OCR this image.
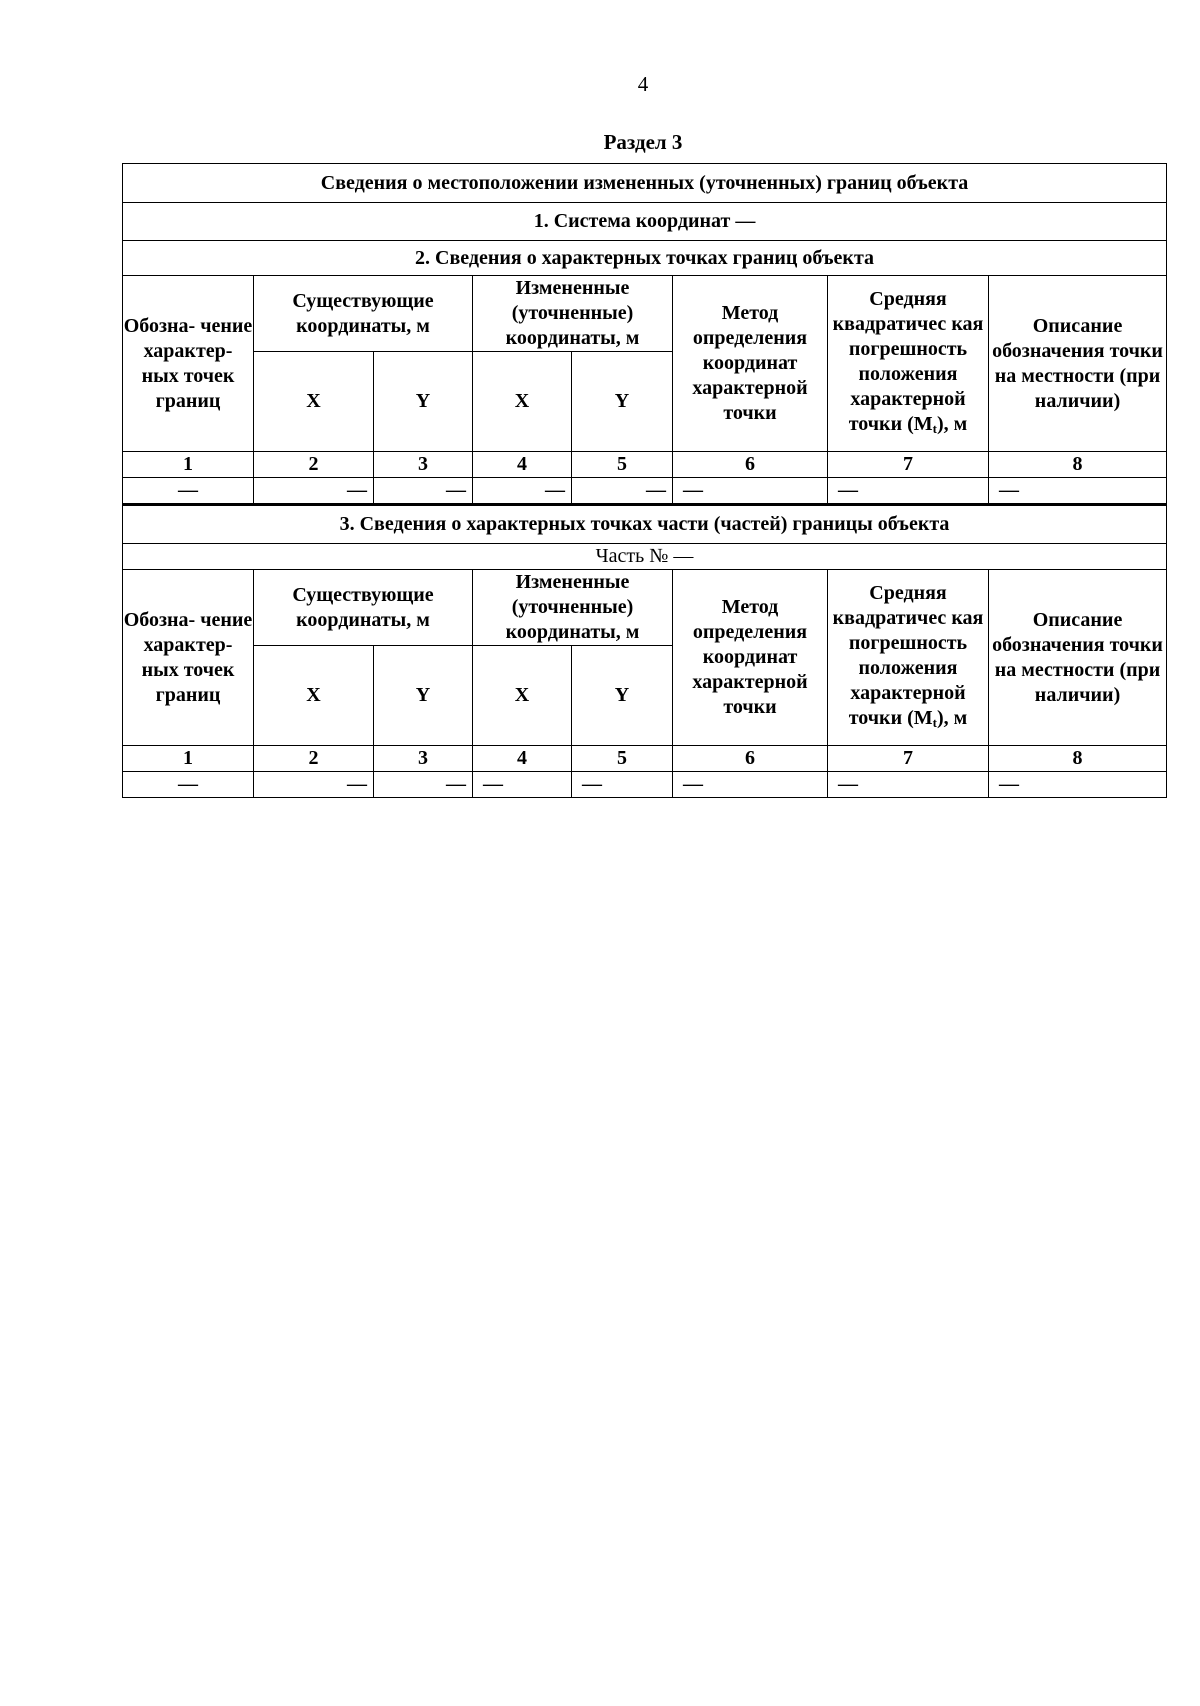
4
Раздел 3
Сведения о местоположении измененных (уточненных) границ объекта							
1. Система координат —							
2. Сведения о характерных точках границ объекта							
Обозна- чение характер- ных точек границ	Существующие координаты, м		Измененные (уточненные) координаты, м		Метод определения координат характерной точки	Средняя квадратичес кая погрешность положения характерной точки $(M_t)$, м	Описание обозначения точки на местности (при наличии)
	X	Y	X	Y			
1	2	3	4	5	6	7	8
—	—	—	—	—	—	—	—
3. Сведения о характерных точках части (частей) границы объекта							
Часть № —							
Обозна- чение характер- ных точек границ	Существующие координаты, м		Измененные (уточненные) координаты, м		Метод определения координат характерной точки	Средняя квадратичес кая погрешность положения характерной точки $(M_t)$, м	Описание обозначения точки на местности (при наличии)
	X	Y	X	Y			
1	2	3	4	5	6	7	8
—	—	—	—	—	—	—	—
